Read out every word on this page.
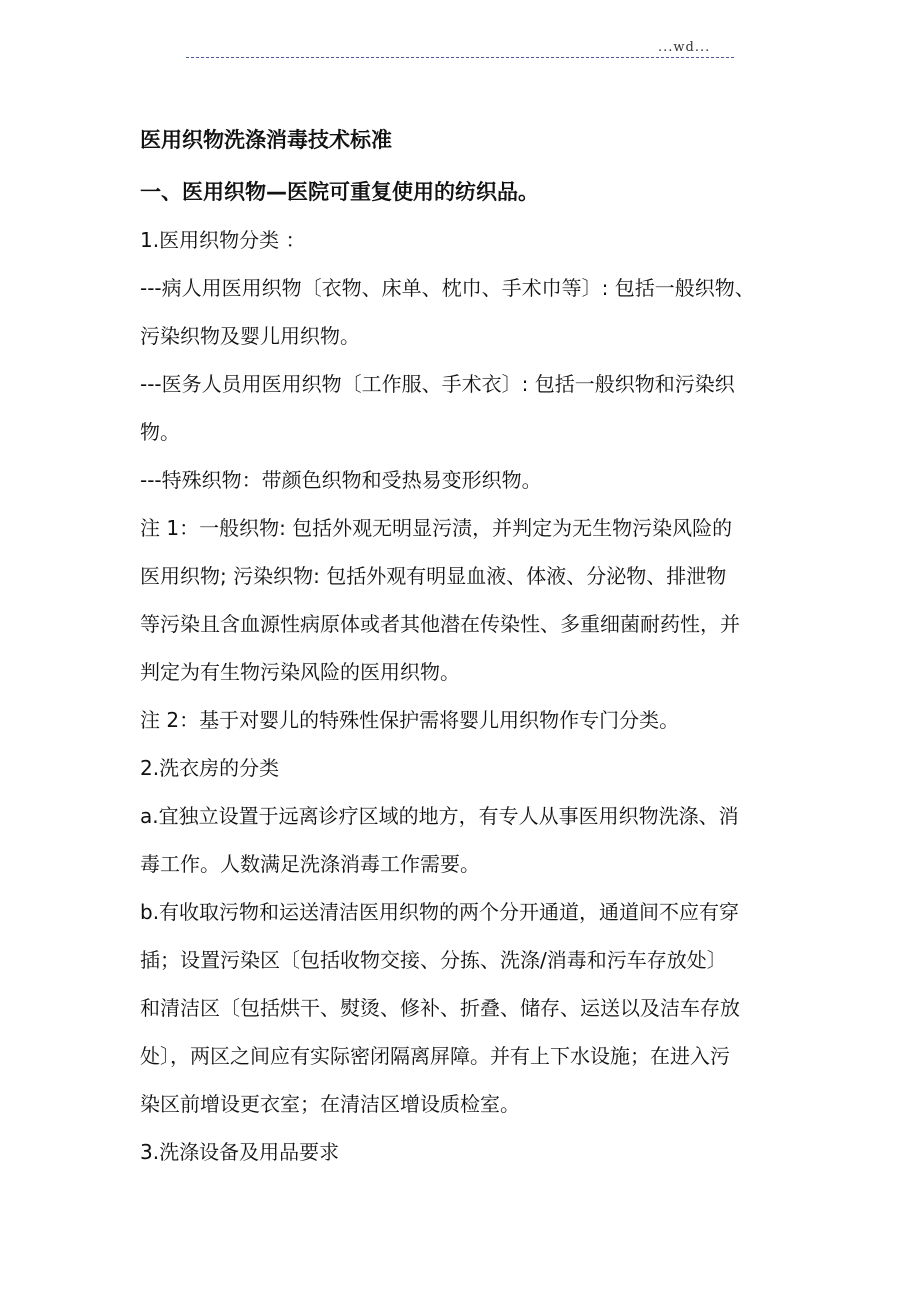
...wd...

医用织物洗涤消毒技术标准

一、医用织物—医院可重复使用的纺织品。

1.医用织物分类 ：

---病人用医用织物〔衣物、床单、枕巾、手术巾等〕: 包括一般织物、

污染织物及婴儿用织物。

---医务人员用医用织物〔工作服、手术衣〕: 包括一般织物和污染织

物。

---特殊织物：带颜色织物和受热易变形织物。

注 1：一般织物: 包括外观无明显污渍，并判定为无生物污染风险的

医用织物; 污染织物: 包括外观有明显血液、体液、分泌物、排泄物

等污染且含血源性病原体或者其他潜在传染性、多重细菌耐药性，并

判定为有生物污染风险的医用织物。

注 2：基于对婴儿的特殊性保护需将婴儿用织物作专门分类。

2.洗衣房的分类

a.宜独立设置于远离诊疗区域的地方，有专人从事医用织物洗涤、消

毒工作。人数满足洗涤消毒工作需要。

b.有收取污物和运送清洁医用织物的两个分开通道，通道间不应有穿

插；设置污染区〔包括收物交接、分拣、洗涤/消毒和污车存放处〕

和清洁区〔包括烘干、熨烫、修补、折叠、储存、运送以及洁车存放

处〕，两区之间应有实际密闭隔离屏障。并有上下水设施；在进入污

染区前增设更衣室；在清洁区增设质检室。

3.洗涤设备及用品要求
